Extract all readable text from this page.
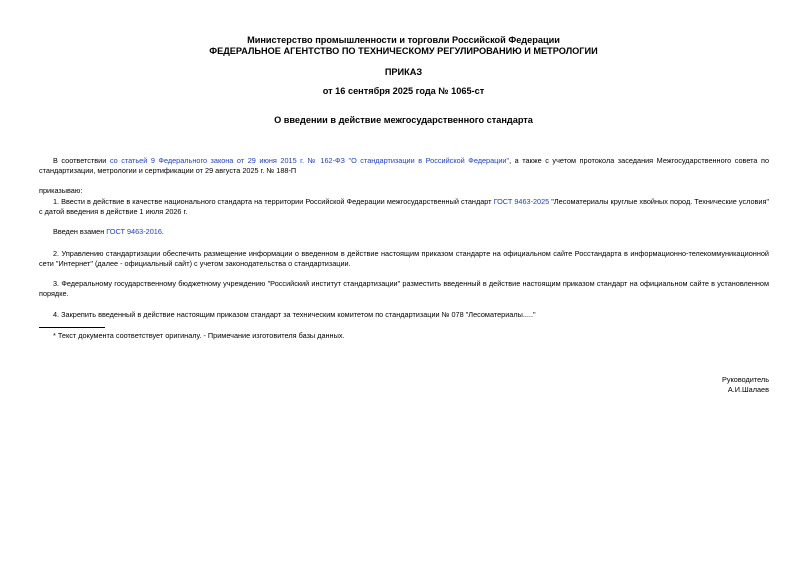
Министерство промышленности и торговли Российской Федерации
ФЕДЕРАЛЬНОЕ АГЕНТСТВО ПО ТЕХНИЧЕСКОМУ РЕГУЛИРОВАНИЮ И МЕТРОЛОГИИ
ПРИКАЗ
от 16 сентября 2025 года № 1065-ст
О введении в действие межгосударственного стандарта
В соответствии со статьей 9 Федерального закона от 29 июня 2015 г. № 162-ФЗ "О стандартизации в Российской Федерации", а также с учетом протокола заседания Межгосударственного совета по стандартизации, метрологии и сертификации от 29 августа 2025 г. № 188-П
приказываю:
1. Ввести в действие в качестве национального стандарта на территории Российской Федерации межгосударственный стандарт ГОСТ 9463-2025 "Лесоматериалы круглые хвойных пород. Технические условия" с датой введения в действие 1 июля 2026 г.
Введен взамен ГОСТ 9463-2016.
2. Управлению стандартизации обеспечить размещение информации о введенном в действие настоящим приказом стандарте на официальном сайте Росстандарта в информационно-телекоммуникационной сети "Интернет" (далее - официальный сайт) с учетом законодательства о стандартизации.
3. Федеральному государственному бюджетному учреждению "Российский институт стандартизации" разместить введенный в действие настоящим приказом стандарт на официальном сайте в установленном порядке.
4. Закрепить введенный в действие настоящим приказом стандарт за техническим комитетом по стандартизации № 078 "Лесоматериалы....."
* Текст документа соответствует оригиналу. - Примечание изготовителя базы данных.
Руководитель
А.И.Шалаев
